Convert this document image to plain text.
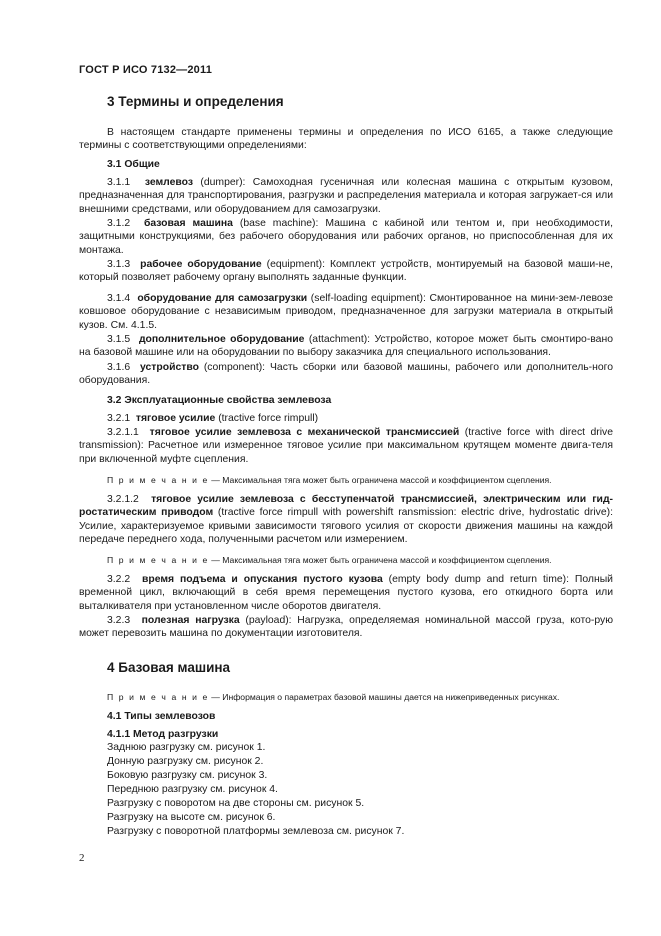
ГОСТ Р ИСО 7132—2011
3 Термины и определения

В настоящем стандарте применены термины и определения по ИСО 6165, а также следующие термины с соответствующими определениями:

3.1 Общие

3.1.1 землевоз (dumper): Самоходная гусеничная или колесная машина с открытым кузовом, предназначенная для транспортирования, разгрузки и распределения материала и которая загружает-ся или внешними средствами, или оборудованием для самозагрузки.

3.1.2 базовая машина (base machine): Машина с кабиной или тентом и, при необходимости, защитными конструкциями, без рабочего оборудования или рабочих органов, но приспособленная для их монтажа.

3.1.3 рабочее оборудование (equipment): Комплект устройств, монтируемый на базовой маши-не, который позволяет рабочему органу выполнять заданные функции.

3.1.4 оборудование для самозагрузки (self-loading equipment): Смонтированное на мини-зем-левозе ковшовое оборудование с независимым приводом, предназначенное для загрузки материала в открытый кузов. См. 4.1.5.

3.1.5 дополнительное оборудование (attachment): Устройство, которое может быть смонтиро-вано на базовой машине или на оборудовании по выбору заказчика для специального использования.

3.1.6 устройство (component): Часть сборки или базовой машины, рабочего или дополнитель-ного оборудования.

3.2 Эксплуатационные свойства землевоза
3.2.1 тяговое усилие (tractive force rimpull)

3.2.1.1 тяговое усилие землевоза с механической трансмиссией (tractive force with direct drive transmission): Расчетное или измеренное тяговое усилие при максимальном крутящем моменте двига-теля при включенной муфте сцепления.

П р и м е ч а н и е — Максимальная тяга может быть ограничена массой и коэффициентом сцепления.

3.2.1.2 тяговое усилие землевоза с бесступенчатой трансмиссией, электрическим или гид-ростатическим приводом (tractive force rimpull with powershift ransmission: electric drive, hydrostatic drive): Усилие, характеризуемое кривыми зависимости тягового усилия от скорости движения машины на каждой передаче переднего хода, полученными расчетом или измерением.

П р и м е ч а н и е — Максимальная тяга может быть ограничена массой и коэффициентом сцепления.

3.2.2 время подъема и опускания пустого кузова (empty body dump and return time): Полный временной цикл, включающий в себя время перемещения пустого кузова, его откидного борта или выталкивателя при установленном числе оборотов двигателя.

3.2.3 полезная нагрузка (payload): Нагрузка, определяемая номинальной массой груза, кото-рую может перевозить машина по документации изготовителя.

4 Базовая машина
П р и м е ч а н и е — Информация о параметрах базовой машины дается на нижеприведенных рисунках.
4.1 Типы землевозов
4.1.1 Метод разгрузки
Заднюю разгрузку см. рисунок 1.
Донную разгрузку см. рисунок 2.
Боковую разгрузку см. рисунок 3.
Переднюю разгрузку см. рисунок 4.
Разгрузку с поворотом на две стороны см. рисунок 5.
Разгрузку на высоте см. рисунок 6.
Разгрузку с поворотной платформы землевоза см. рисунок 7.
2
